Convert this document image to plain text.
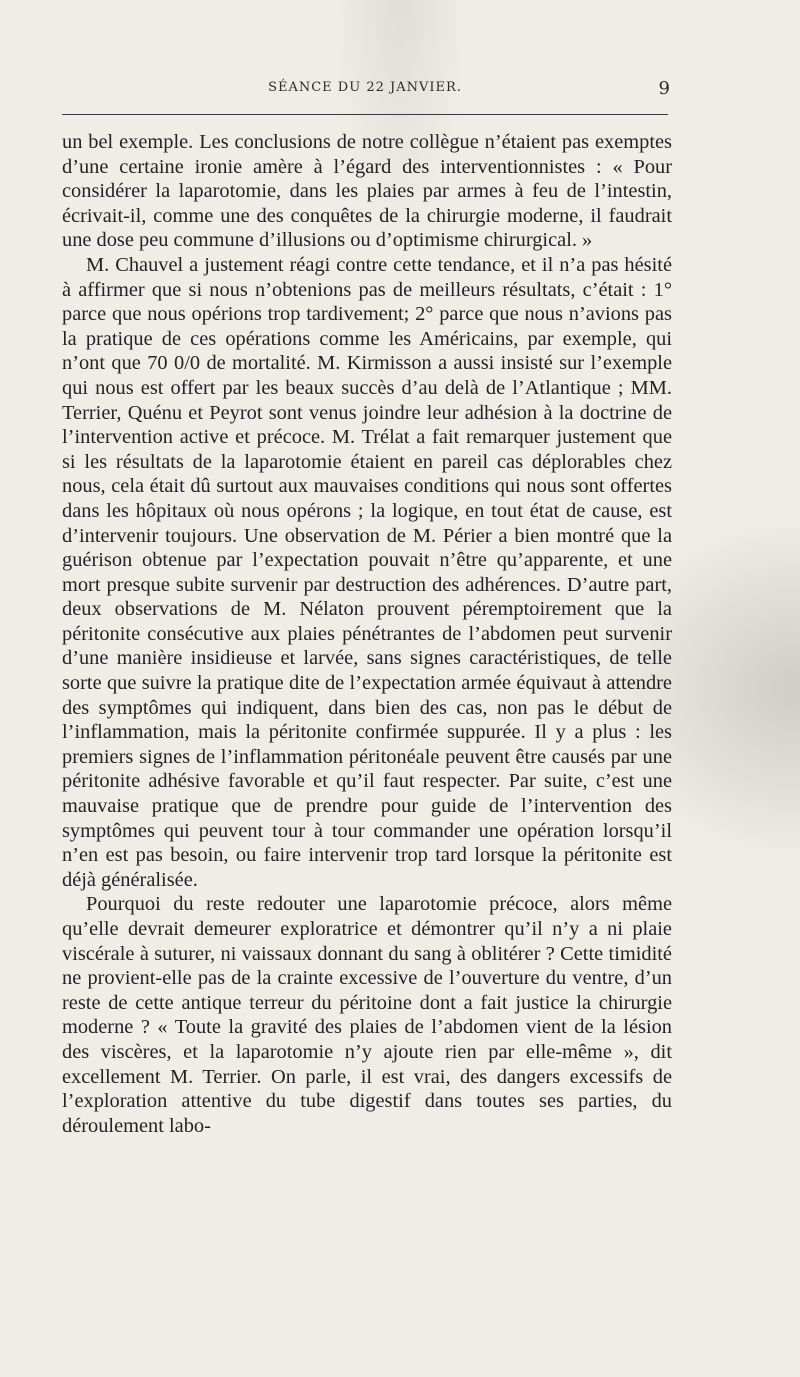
SÉANCE DU 22 JANVIER.	9

un bel exemple. Les conclusions de notre collègue n’étaient pas exemptes d’une certaine ironie amère à l’égard des interventionnistes : « Pour considérer la laparotomie, dans les plaies par armes à feu de l’intestin, écrivait-il, comme une des conquêtes de la chirurgie moderne, il faudrait une dose peu commune d’illusions ou d’optimisme chirurgical. »

M. Chauvel a justement réagi contre cette tendance, et il n’a pas hésité à affirmer que si nous n’obtenions pas de meilleurs résultats, c’était : 1° parce que nous opérions trop tardivement; 2° parce que nous n’avions pas la pratique de ces opérations comme les Américains, par exemple, qui n’ont que 70 0/0 de mortalité. M. Kirmisson a aussi insisté sur l’exemple qui nous est offert par les beaux succès d’au delà de l’Atlantique ; MM. Terrier, Quénu et Peyrot sont venus joindre leur adhésion à la doctrine de l’intervention active et précoce. M. Trélat a fait remarquer justement que si les résultats de la laparotomie étaient en pareil cas déplorables chez nous, cela était dû surtout aux mauvaises conditions qui nous sont offertes dans les hôpitaux où nous opérons ; la logique, en tout état de cause, est d’intervenir toujours. Une observation de M. Périer a bien montré que la guérison obtenue par l’expectation pouvait n’être qu’apparente, et une mort presque subite survenir par destruction des adhérences. D’autre part, deux observations de M. Nélaton prouvent péremptoirement que la péritonite consécutive aux plaies pénétrantes de l’abdomen peut survenir d’une manière insidieuse et larvée, sans signes caractéristiques, de telle sorte que suivre la pratique dite de l’expectation armée équivaut à attendre des symptômes qui indiquent, dans bien des cas, non pas le début de l’inflammation, mais la péritonite confirmée suppurée. Il y a plus : les premiers signes de l’inflammation péritonéale peuvent être causés par une péritonite adhésive favorable et qu’il faut respecter. Par suite, c’est une mauvaise pratique que de prendre pour guide de l’intervention des symptômes qui peuvent tour à tour commander une opération lorsqu’il n’en est pas besoin, ou faire intervenir trop tard lorsque la péritonite est déjà généralisée.

Pourquoi du reste redouter une laparotomie précoce, alors même qu’elle devrait demeurer exploratrice et démontrer qu’il n’y a ni plaie viscérale à suturer, ni vaissaux donnant du sang à oblitérer ? Cette timidité ne provient-elle pas de la crainte excessive de l’ouverture du ventre, d’un reste de cette antique terreur du péritoine dont a fait justice la chirurgie moderne ? « Toute la gravité des plaies de l’abdomen vient de la lésion des viscères, et la laparotomie n’y ajoute rien par elle-même », dit excellement M. Terrier. On parle, il est vrai, des dangers excessifs de l’exploration attentive du tube digestif dans toutes ses parties, du déroulement labo-
